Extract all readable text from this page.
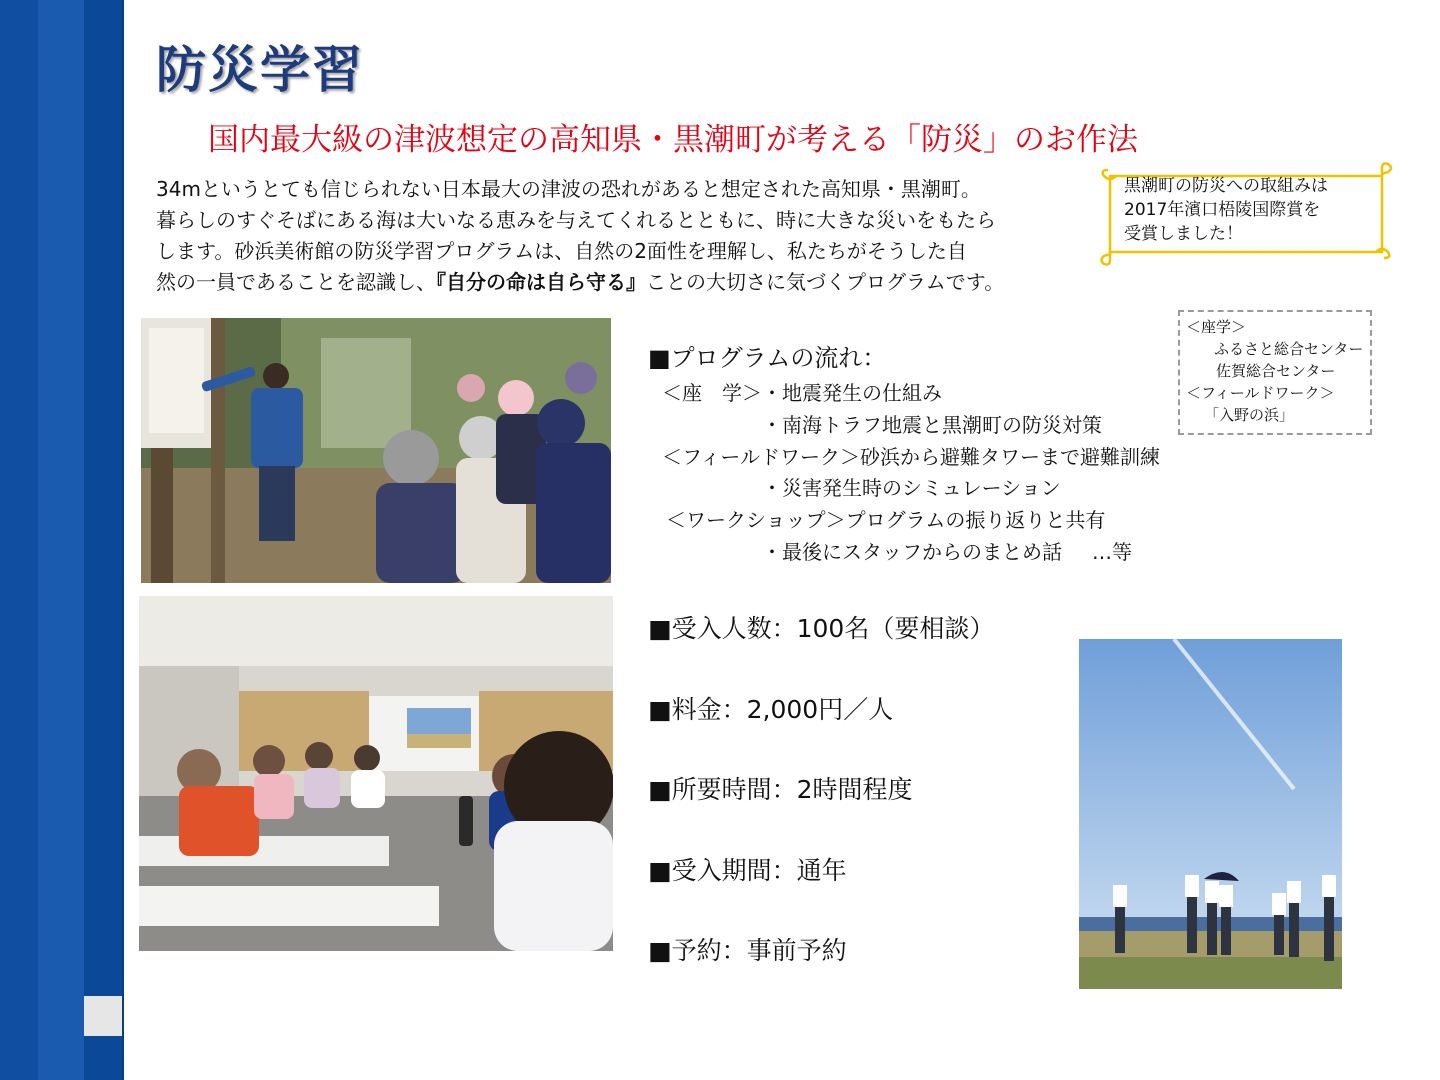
防災学習
国内最大級の津波想定の高知県・黒潮町が考える「防災」のお作法
34mというとても信じられない日本最大の津波の恐れがあると想定された高知県・黒潮町。
暮らしのすぐそばにある海は大いなる恵みを与えてくれるとともに、時に大きな災いをもたら
します。砂浜美術館の防災学習プログラムは、自然の2面性を理解し、私たちがそうした自
然の一員であることを認識し、『自分の命は自ら守る』ことの大切さに気づくプログラムです。
黒潮町の防災への取組みは
2017年濱口梧陵国際賞を
受賞しました！
＜座学＞
ふるさと総合センター
佐賀総合センター
＜フィールドワーク＞
「入野の浜」
■プログラムの流れ：
＜座　学＞・地震発生の仕組み
・南海トラフ地震と黒潮町の防災対策
＜フィールドワーク＞砂浜から避難タワーまで避難訓練
・災害発生時のシミュレーション
＜ワークショップ＞プログラムの振り返りと共有
・最後にスタッフからのまとめ話 …等
■受入人数：100名（要相談）
■料金：2,000円／人
■所要時間：2時間程度
■受入期間：通年
■予約：事前予約
